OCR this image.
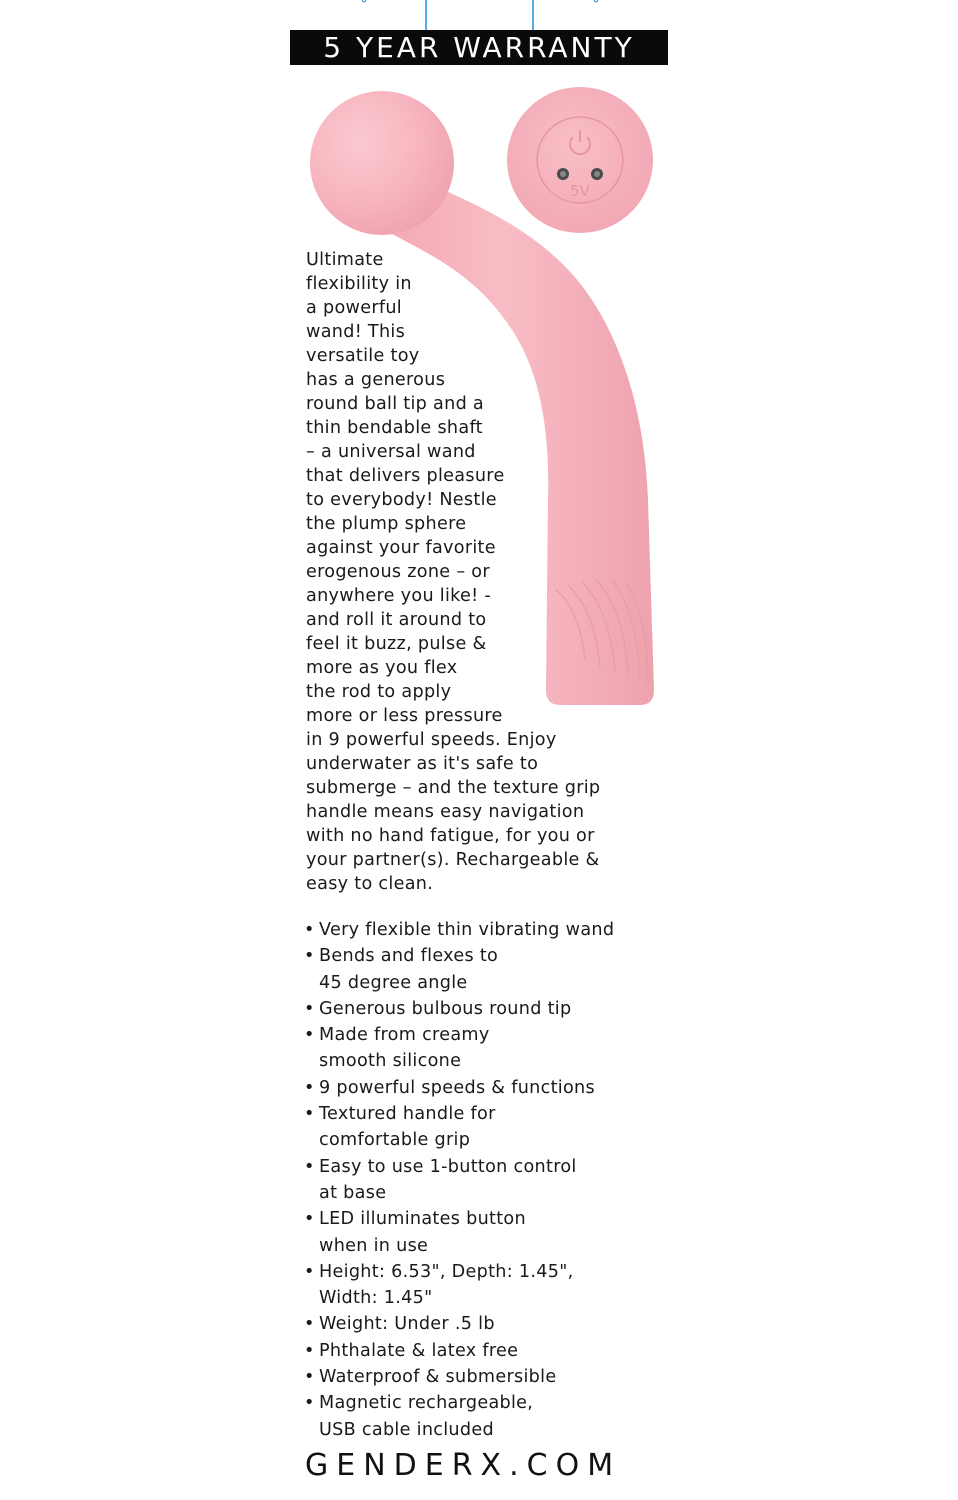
5 YEAR WARRANTY
5V
Ultimate
flexibility in
a powerful
wand! This
versatile toy
has a generous
round ball tip and a
thin bendable shaft
– a universal wand
that delivers pleasure
to everybody! Nestle
the plump sphere
against your favorite
erogenous zone – or
anywhere you like! -
and roll it around to
feel it buzz, pulse &
more as you flex
the rod to apply
more or less pressure
in 9 powerful speeds. Enjoy
underwater as it's safe to
submerge – and the texture grip
handle means easy navigation
with no hand fatigue, for you or
your partner(s). Rechargeable &
easy to clean.
• Very flexible thin vibrating wand
• Bends and flexes to
45 degree angle
• Generous bulbous round tip
• Made from creamy
smooth silicone
• 9 powerful speeds & functions
• Textured handle for
comfortable grip
• Easy to use 1-button control
at base
• LED illuminates button
when in use
• Height: 6.53", Depth: 1.45",
Width: 1.45"
• Weight: Under .5 lb
• Phthalate & latex free
• Waterproof & submersible
• Magnetic rechargeable,
USB cable included
GENDERX.COM
